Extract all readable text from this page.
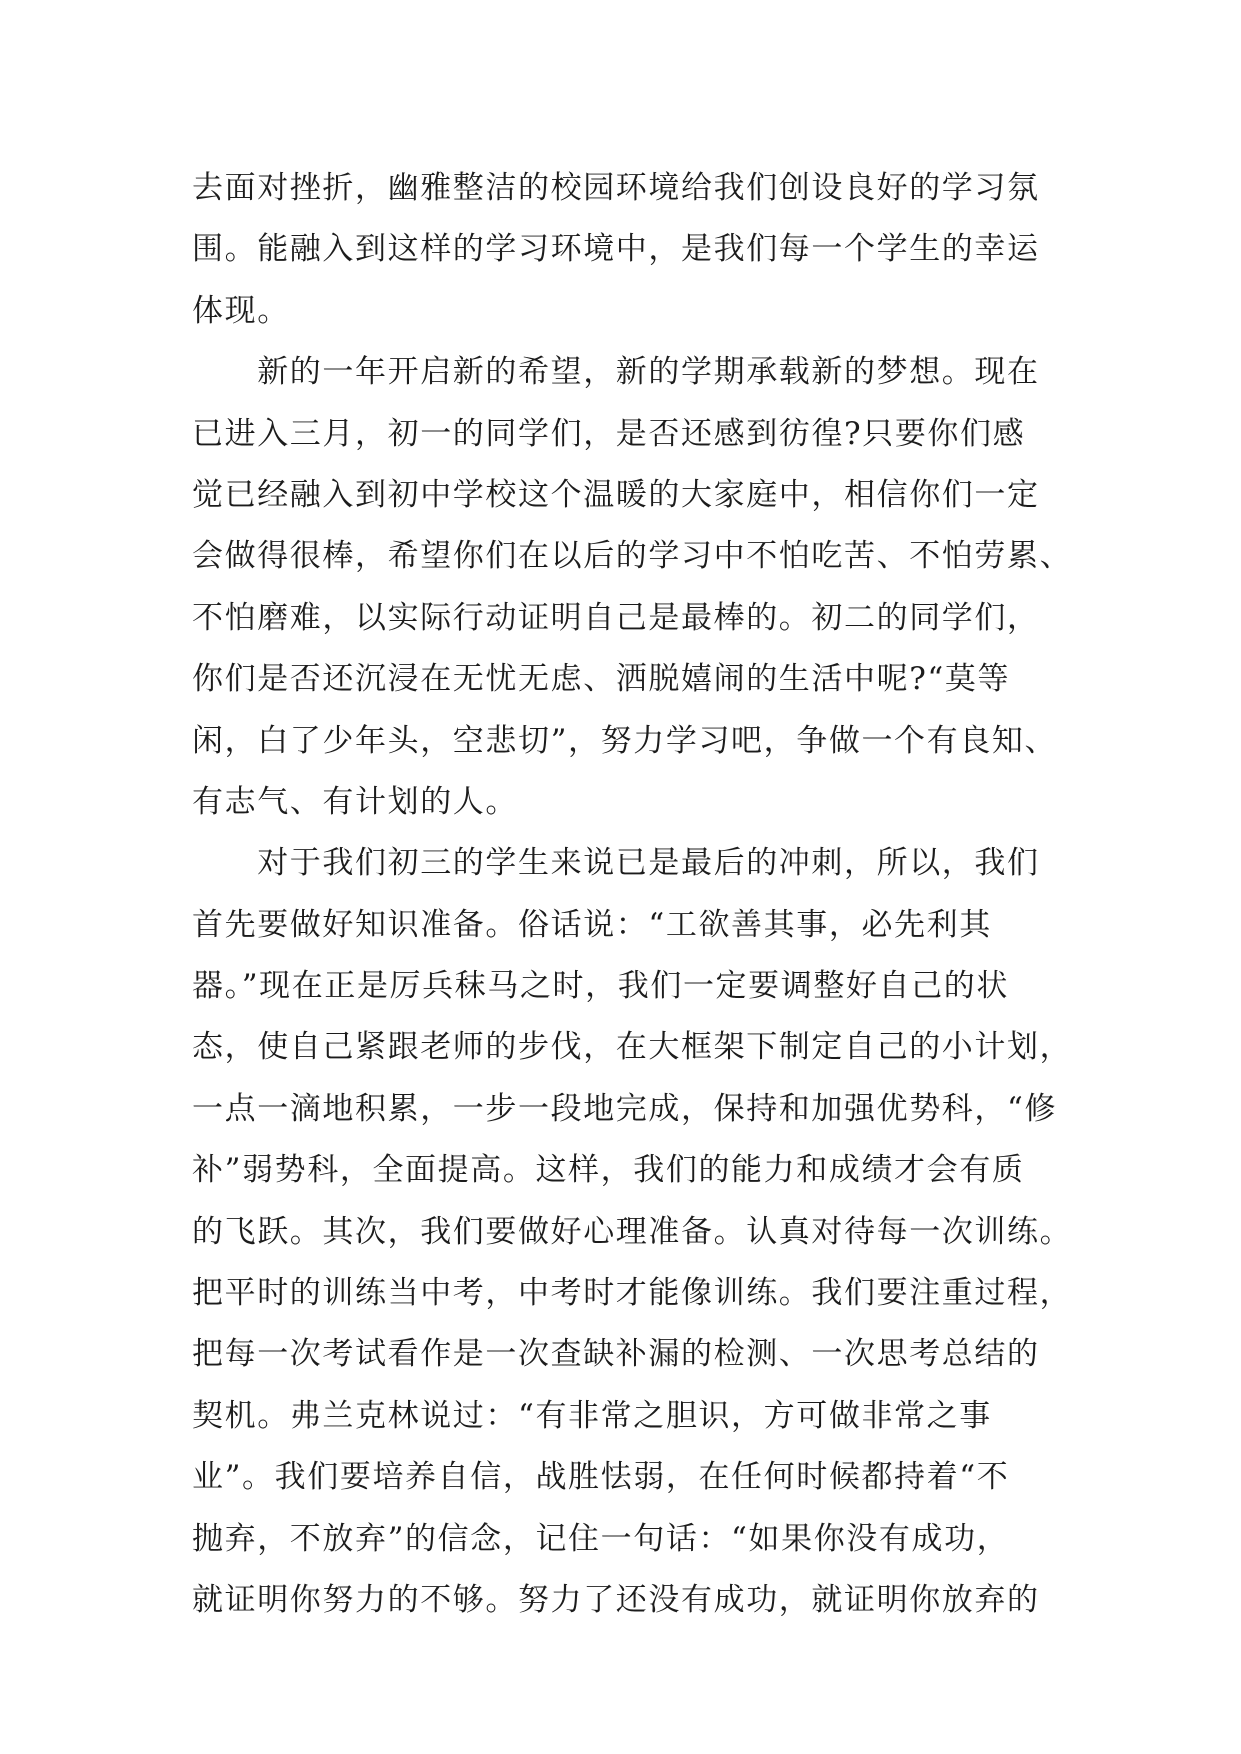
去面对挫折，幽雅整洁的校园环境给我们创设良好的学习氛
围。能融入到这样的学习环境中，是我们每一个学生的幸运
体现。
　　新的一年开启新的希望，新的学期承载新的梦想。现在
已进入三月，初一的同学们，是否还感到彷徨?只要你们感
觉已经融入到初中学校这个温暖的大家庭中，相信你们一定
会做得很棒，希望你们在以后的学习中不怕吃苦、不怕劳累、
不怕磨难，以实际行动证明自己是最棒的。初二的同学们，
你们是否还沉浸在无忧无虑、洒脱嬉闹的生活中呢?“莫等
闲，白了少年头，空悲切”，努力学习吧，争做一个有良知、
有志气、有计划的人。
　　对于我们初三的学生来说已是最后的冲刺，所以，我们
首先要做好知识准备。俗话说：“工欲善其事，必先利其
器。”现在正是厉兵秣马之时，我们一定要调整好自己的状
态，使自己紧跟老师的步伐，在大框架下制定自己的小计划，
一点一滴地积累，一步一段地完成，保持和加强优势科，“修
补”弱势科，全面提高。这样，我们的能力和成绩才会有质
的飞跃。其次，我们要做好心理准备。认真对待每一次训练。
把平时的训练当中考，中考时才能像训练。我们要注重过程，
把每一次考试看作是一次查缺补漏的检测、一次思考总结的
契机。弗兰克林说过：“有非常之胆识，方可做非常之事
业”。我们要培养自信，战胜怯弱，在任何时候都持着“不
抛弃，不放弃”的信念，记住一句话：“如果你没有成功，
就证明你努力的不够。努力了还没有成功，就证明你放弃的
